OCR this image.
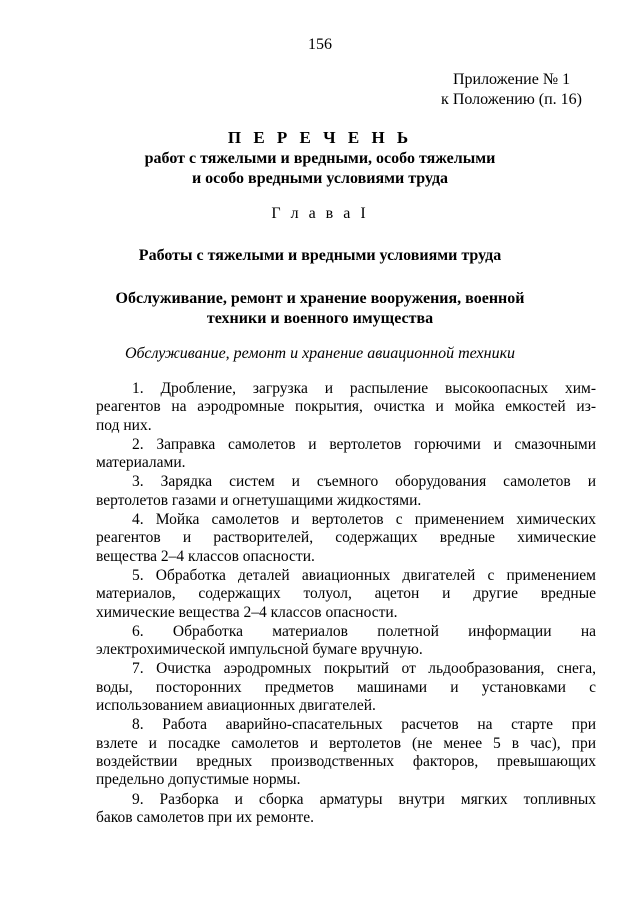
156
Приложение № 1
к Положению (п. 16)
П Е Р Е Ч Е Н Ь
работ с тяжелыми и вредными, особо тяжелыми
и особо вредными условиями труда
Г л а в а I
Работы с тяжелыми и вредными условиями труда
Обслуживание, ремонт и хранение вооружения, военной
техники и военного имущества
Обслуживание, ремонт и хранение авиационной техники
1. Дробление, загрузка и распыление высокоопасных хим-
реагентов на аэродромные покрытия, очистка и мойка емкостей из-
под них.
2. Заправка самолетов и вертолетов горючими и смазочными
материалами.
3. Зарядка систем и съемного оборудования самолетов и
вертолетов газами и огнетушащими жидкостями.
4. Мойка самолетов и вертолетов с применением химических
реагентов и растворителей, содержащих вредные химические
вещества 2–4 классов опасности.
5. Обработка деталей авиационных двигателей с применением
материалов, содержащих толуол, ацетон и другие вредные
химические вещества 2–4 классов опасности.
6. Обработка материалов полетной информации на
электрохимической импульсной бумаге вручную.
7. Очистка аэродромных покрытий от льдообразования, снега,
воды, посторонних предметов машинами и установками с
использованием авиационных двигателей.
8. Работа аварийно-спасательных расчетов на старте при
взлете и посадке самолетов и вертолетов (не менее 5 в час), при
воздействии вредных производственных факторов, превышающих
предельно допустимые нормы.
9. Разборка и сборка арматуры внутри мягких топливных
баков самолетов при их ремонте.
